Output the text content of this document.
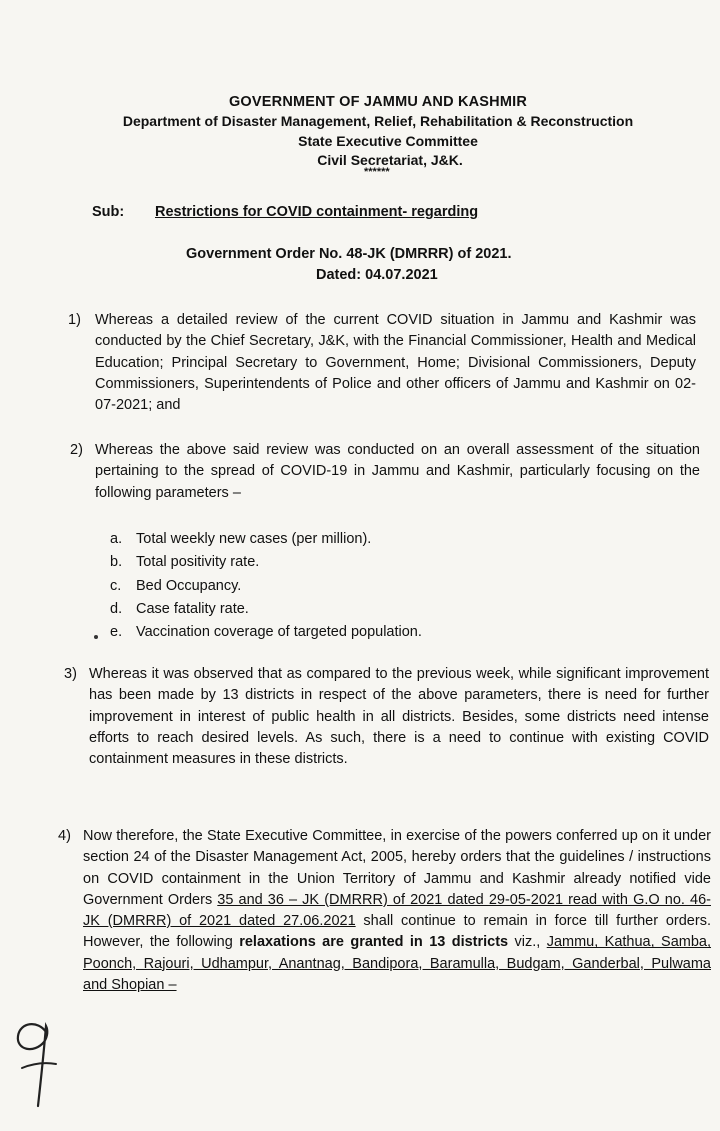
GOVERNMENT OF JAMMU AND KASHMIR
Department of Disaster Management, Relief, Rehabilitation & Reconstruction
State Executive Committee
Civil Secretariat, J&K.
******
Sub: Restrictions for COVID containment- regarding
Government Order No. 48-JK (DMRRR) of 2021.
Dated: 04.07.2021
1) Whereas a detailed review of the current COVID situation in Jammu and Kashmir was conducted by the Chief Secretary, J&K, with the Financial Commissioner, Health and Medical Education; Principal Secretary to Government, Home; Divisional Commissioners, Deputy Commissioners, Superintendents of Police and other officers of Jammu and Kashmir on 02-07-2021; and

2) Whereas the above said review was conducted on an overall assessment of the situation pertaining to the spread of COVID-19 in Jammu and Kashmir, particularly focusing on the following parameters –

a. Total weekly new cases (per million).
b. Total positivity rate.
c. Bed Occupancy.
d. Case fatality rate.
e. Vaccination coverage of targeted population.
3) Whereas it was observed that as compared to the previous week, while significant improvement has been made by 13 districts in respect of the above parameters, there is need for further improvement in interest of public health in all districts. Besides, some districts need intense efforts to reach desired levels. As such, there is a need to continue with existing COVID containment measures in these districts.

4) Now therefore, the State Executive Committee, in exercise of the powers conferred up on it under section 24 of the Disaster Management Act, 2005, hereby orders that the guidelines / instructions on COVID containment in the Union Territory of Jammu and Kashmir already notified vide Government Orders 35 and 36 – JK (DMRRR) of 2021 dated 29-05-2021 read with G.O no. 46- JK (DMRRR) of 2021 dated 27.06.2021 shall continue to remain in force till further orders. However, the following relaxations are granted in 13 districts viz., Jammu, Kathua, Samba, Poonch, Rajouri, Udhampur, Anantnag, Bandipora, Baramulla, Budgam, Ganderbal, Pulwama and Shopian –
